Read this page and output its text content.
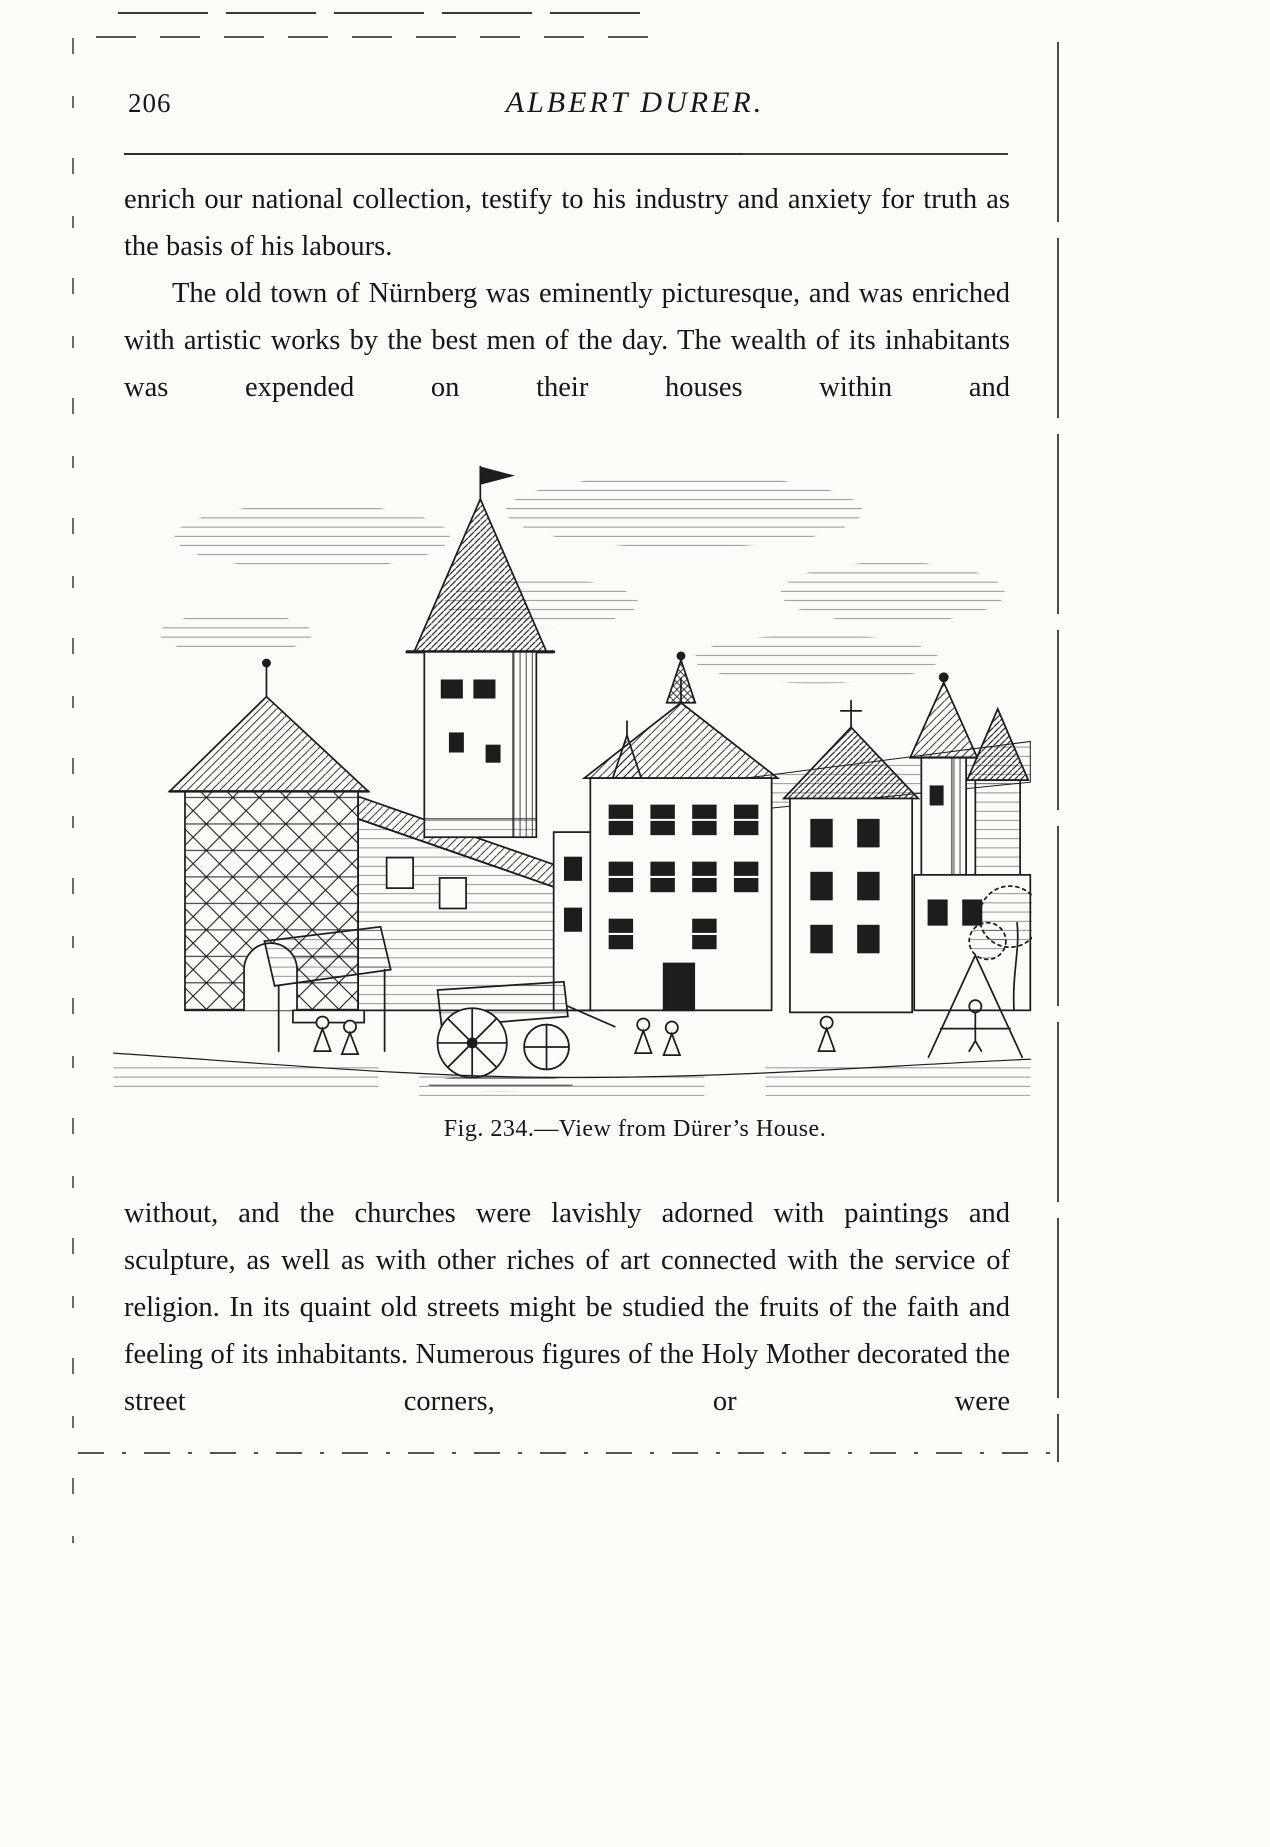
206	ALBERT DURER.

enrich our national collection, testify to his industry and anxiety for truth as the basis of his labours.

The old town of Nürnberg was eminently picturesque, and was enriched with artistic works by the best men of the day. The wealth of its inhabitants was expended on their houses within and

Fig. 234.—View from Dürer’s House.

without, and the churches were lavishly adorned with paintings and sculpture, as well as with other riches of art connected with the service of religion. In its quaint old streets might be studied the fruits of the faith and feeling of its inhabitants. Numerous figures of the Holy Mother decorated the street corners, or were
